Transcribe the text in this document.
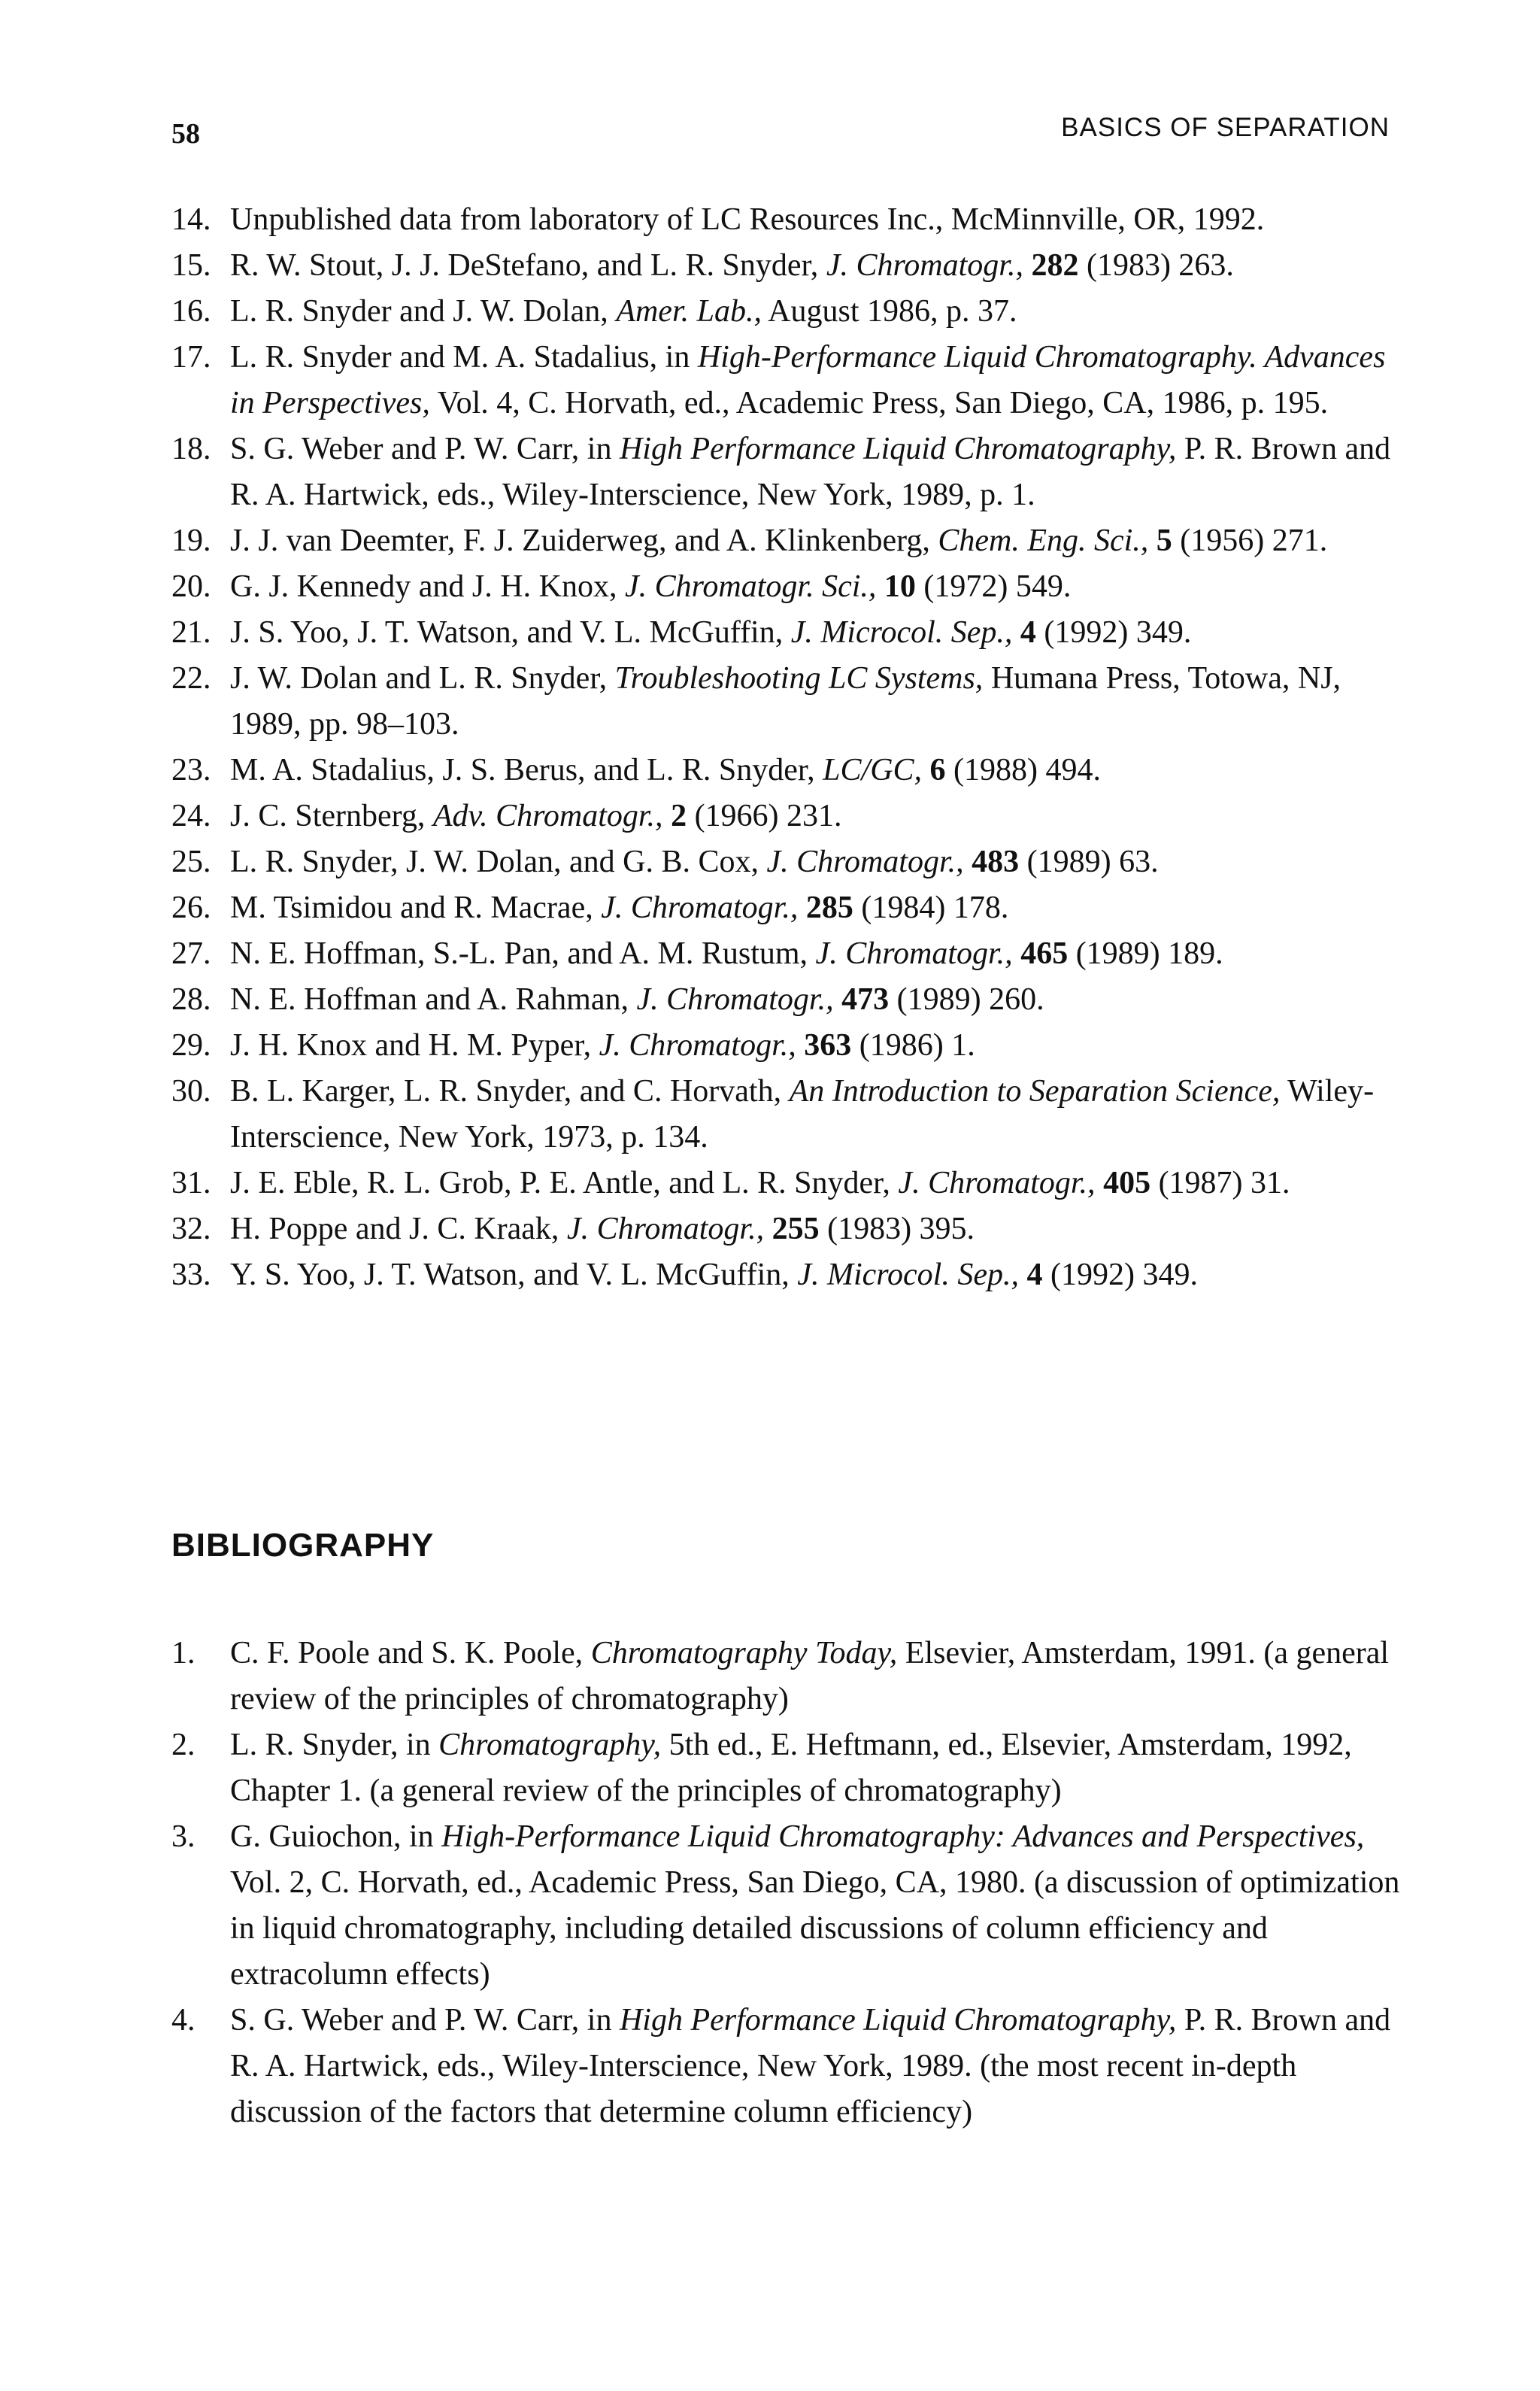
58	BASICS OF SEPARATION
14. Unpublished data from laboratory of LC Resources Inc., McMinnville, OR, 1992.
15. R. W. Stout, J. J. DeStefano, and L. R. Snyder, J. Chromatogr., 282 (1983) 263.
16. L. R. Snyder and J. W. Dolan, Amer. Lab., August 1986, p. 37.
17. L. R. Snyder and M. A. Stadalius, in High-Performance Liquid Chromatography. Advances in Perspectives, Vol. 4, C. Horvath, ed., Academic Press, San Diego, CA, 1986, p. 195.
18. S. G. Weber and P. W. Carr, in High Performance Liquid Chromatography, P. R. Brown and R. A. Hartwick, eds., Wiley-Interscience, New York, 1989, p. 1.
19. J. J. van Deemter, F. J. Zuiderweg, and A. Klinkenberg, Chem. Eng. Sci., 5 (1956) 271.
20. G. J. Kennedy and J. H. Knox, J. Chromatogr. Sci., 10 (1972) 549.
21. J. S. Yoo, J. T. Watson, and V. L. McGuffin, J. Microcol. Sep., 4 (1992) 349.
22. J. W. Dolan and L. R. Snyder, Troubleshooting LC Systems, Humana Press, Totowa, NJ, 1989, pp. 98–103.
23. M. A. Stadalius, J. S. Berus, and L. R. Snyder, LC/GC, 6 (1988) 494.
24. J. C. Sternberg, Adv. Chromatogr., 2 (1966) 231.
25. L. R. Snyder, J. W. Dolan, and G. B. Cox, J. Chromatogr., 483 (1989) 63.
26. M. Tsimidou and R. Macrae, J. Chromatogr., 285 (1984) 178.
27. N. E. Hoffman, S.-L. Pan, and A. M. Rustum, J. Chromatogr., 465 (1989) 189.
28. N. E. Hoffman and A. Rahman, J. Chromatogr., 473 (1989) 260.
29. J. H. Knox and H. M. Pyper, J. Chromatogr., 363 (1986) 1.
30. B. L. Karger, L. R. Snyder, and C. Horvath, An Introduction to Separation Science, Wiley-Interscience, New York, 1973, p. 134.
31. J. E. Eble, R. L. Grob, P. E. Antle, and L. R. Snyder, J. Chromatogr., 405 (1987) 31.
32. H. Poppe and J. C. Kraak, J. Chromatogr., 255 (1983) 395.
33. Y. S. Yoo, J. T. Watson, and V. L. McGuffin, J. Microcol. Sep., 4 (1992) 349.
BIBLIOGRAPHY
1. C. F. Poole and S. K. Poole, Chromatography Today, Elsevier, Amsterdam, 1991. (a general review of the principles of chromatography)
2. L. R. Snyder, in Chromatography, 5th ed., E. Heftmann, ed., Elsevier, Amsterdam, 1992, Chapter 1. (a general review of the principles of chromatography)
3. G. Guiochon, in High-Performance Liquid Chromatography: Advances and Perspectives, Vol. 2, C. Horvath, ed., Academic Press, San Diego, CA, 1980. (a discussion of optimization in liquid chromatography, including detailed discussions of column efficiency and extracolumn effects)
4. S. G. Weber and P. W. Carr, in High Performance Liquid Chromatography, P. R. Brown and R. A. Hartwick, eds., Wiley-Interscience, New York, 1989. (the most recent in-depth discussion of the factors that determine column efficiency)
